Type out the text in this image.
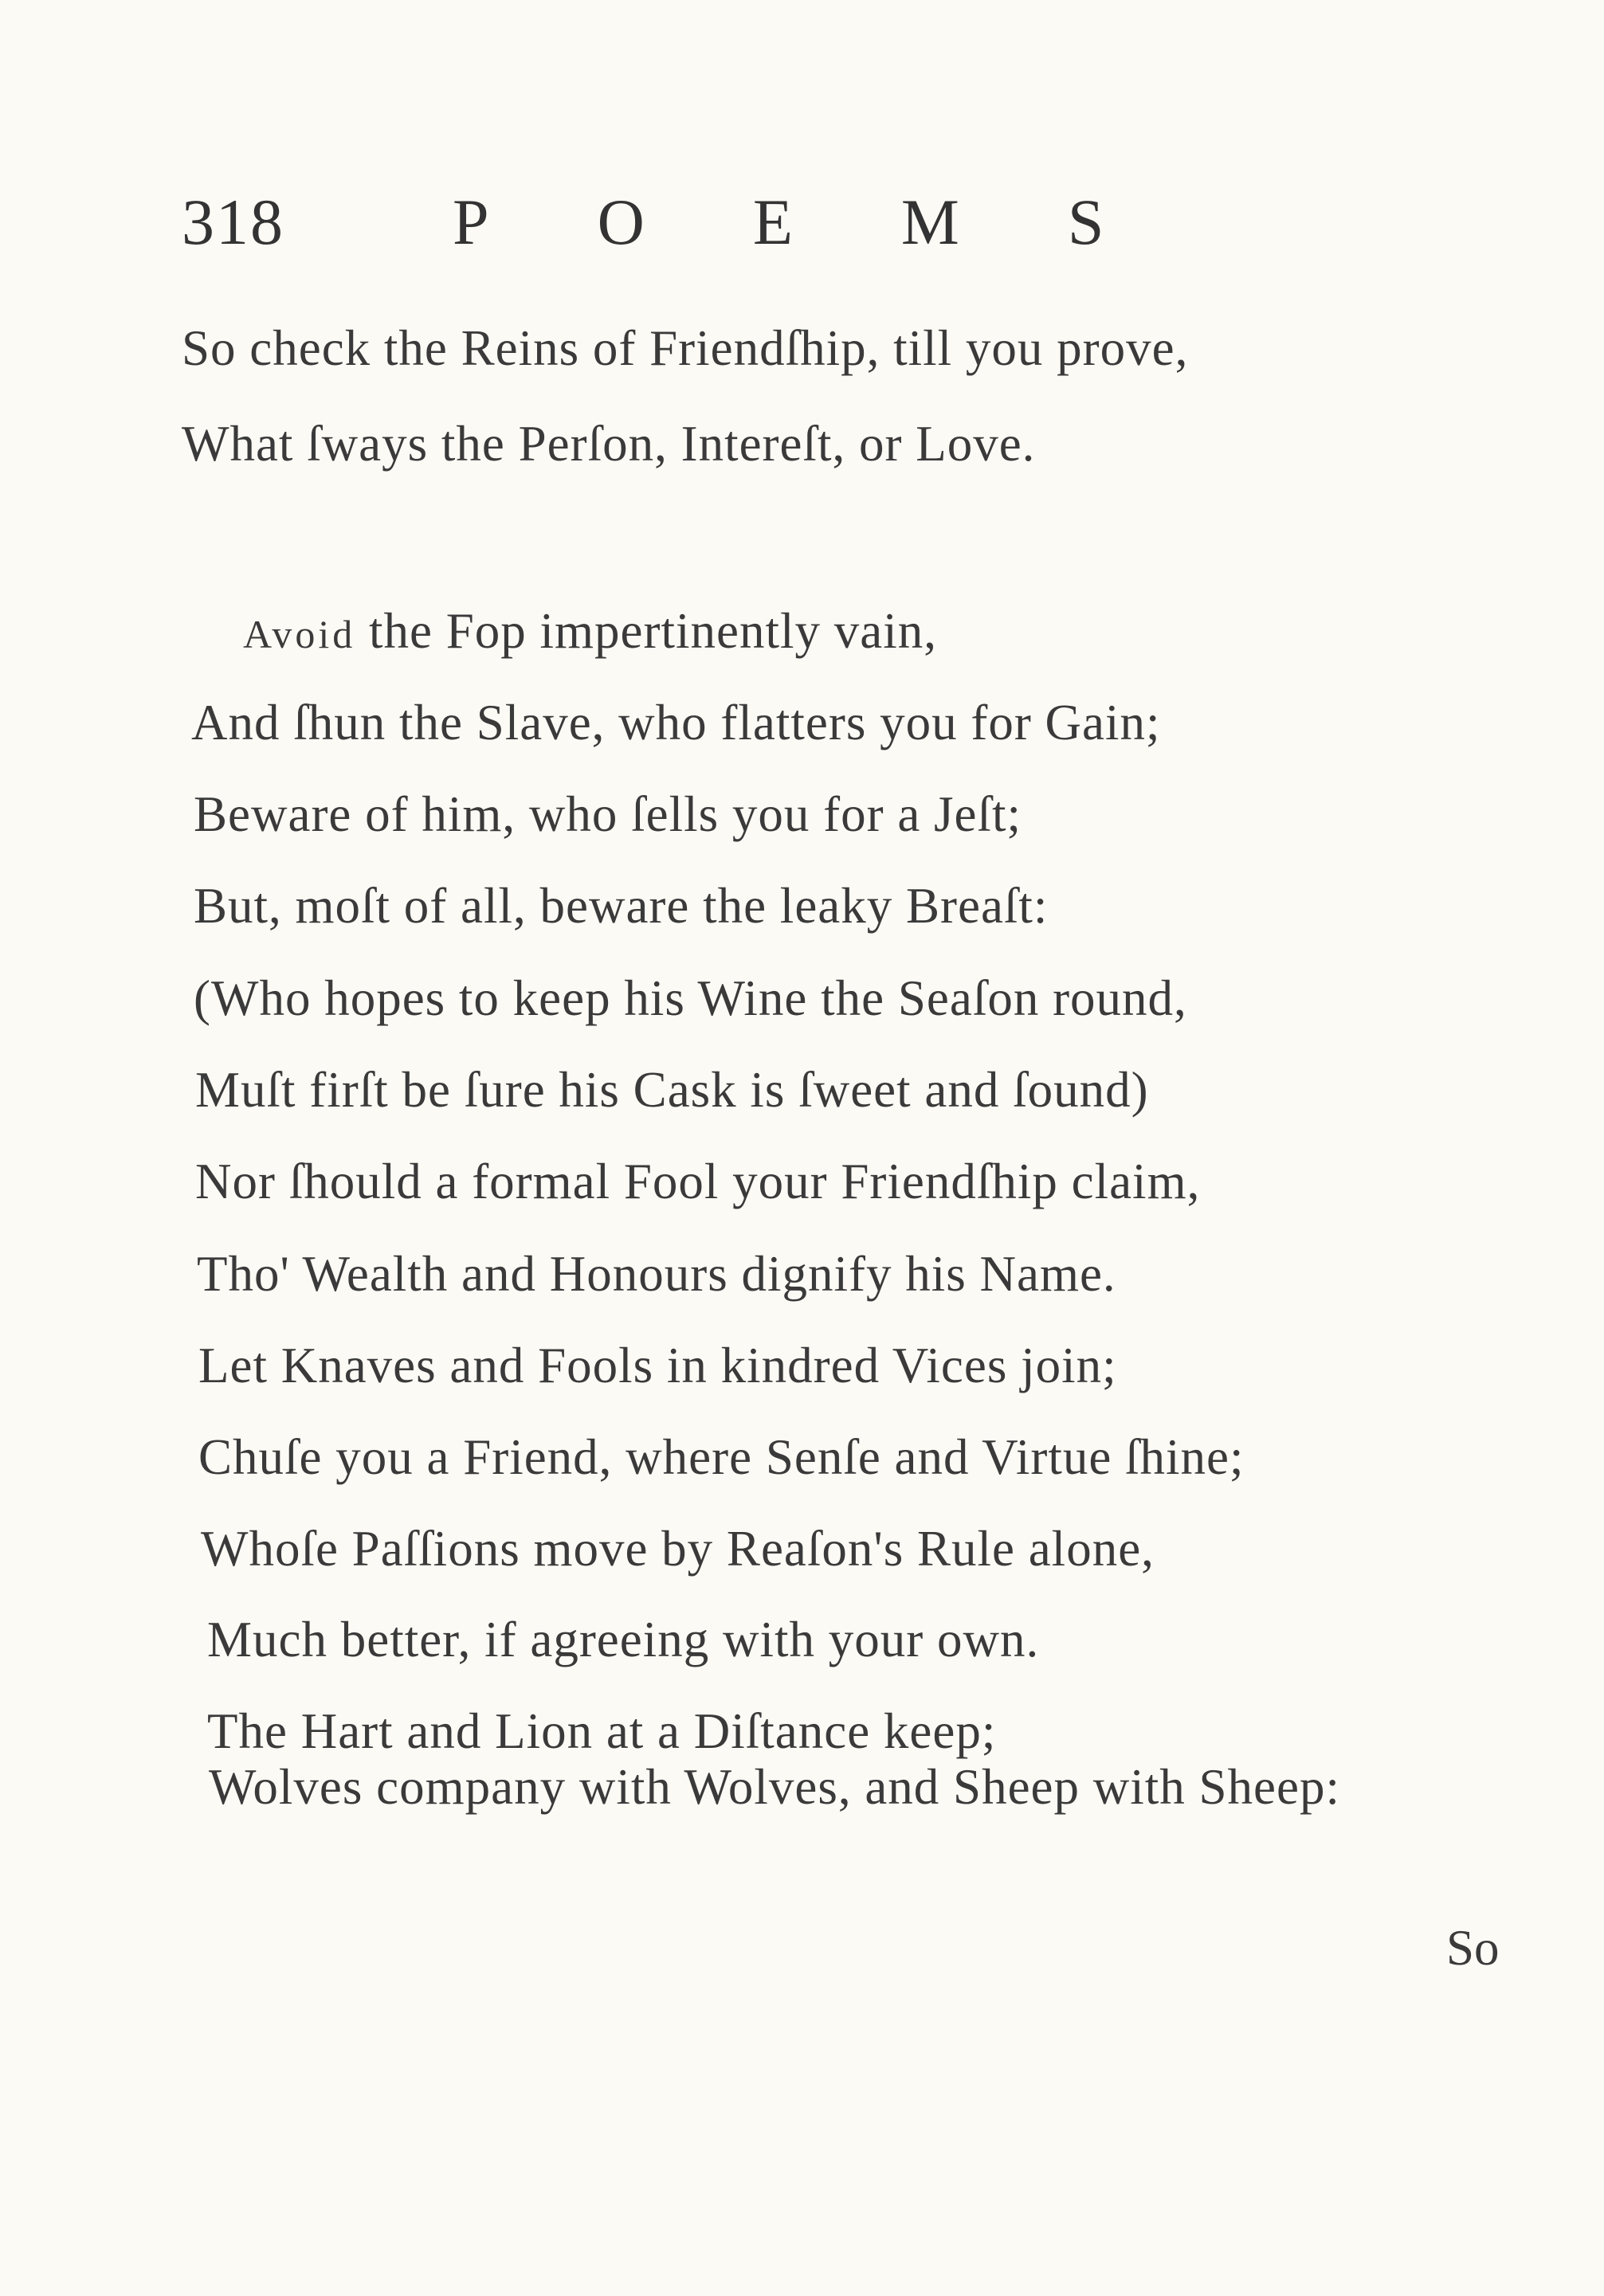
318	POEMS
So check the Reins of Friendſhip, till you prove,
What ſways the Perſon, Intereſt, or Love.
Avoid the Fop impertinently vain,
And ſhun the Slave, who flatters you for Gain;
Beware of him, who ſells you for a Jeſt;
But, moſt of all, beware the leaky Breaſt:
(Who hopes to keep his Wine the Seaſon round,
Muſt firſt be ſure his Cask is ſweet and ſound)
Nor ſhould a formal Fool your Friendſhip claim,
Tho' Wealth and Honours dignify his Name.
Let Knaves and Fools in kindred Vices join;
Chuſe you a Friend, where Senſe and Virtue ſhine;
Whoſe Paſſions move by Reaſon's Rule alone,
Much better, if agreeing with your own.
The Hart and Lion at a Diſtance keep;
Wolves company with Wolves, and Sheep with Sheep:
So
